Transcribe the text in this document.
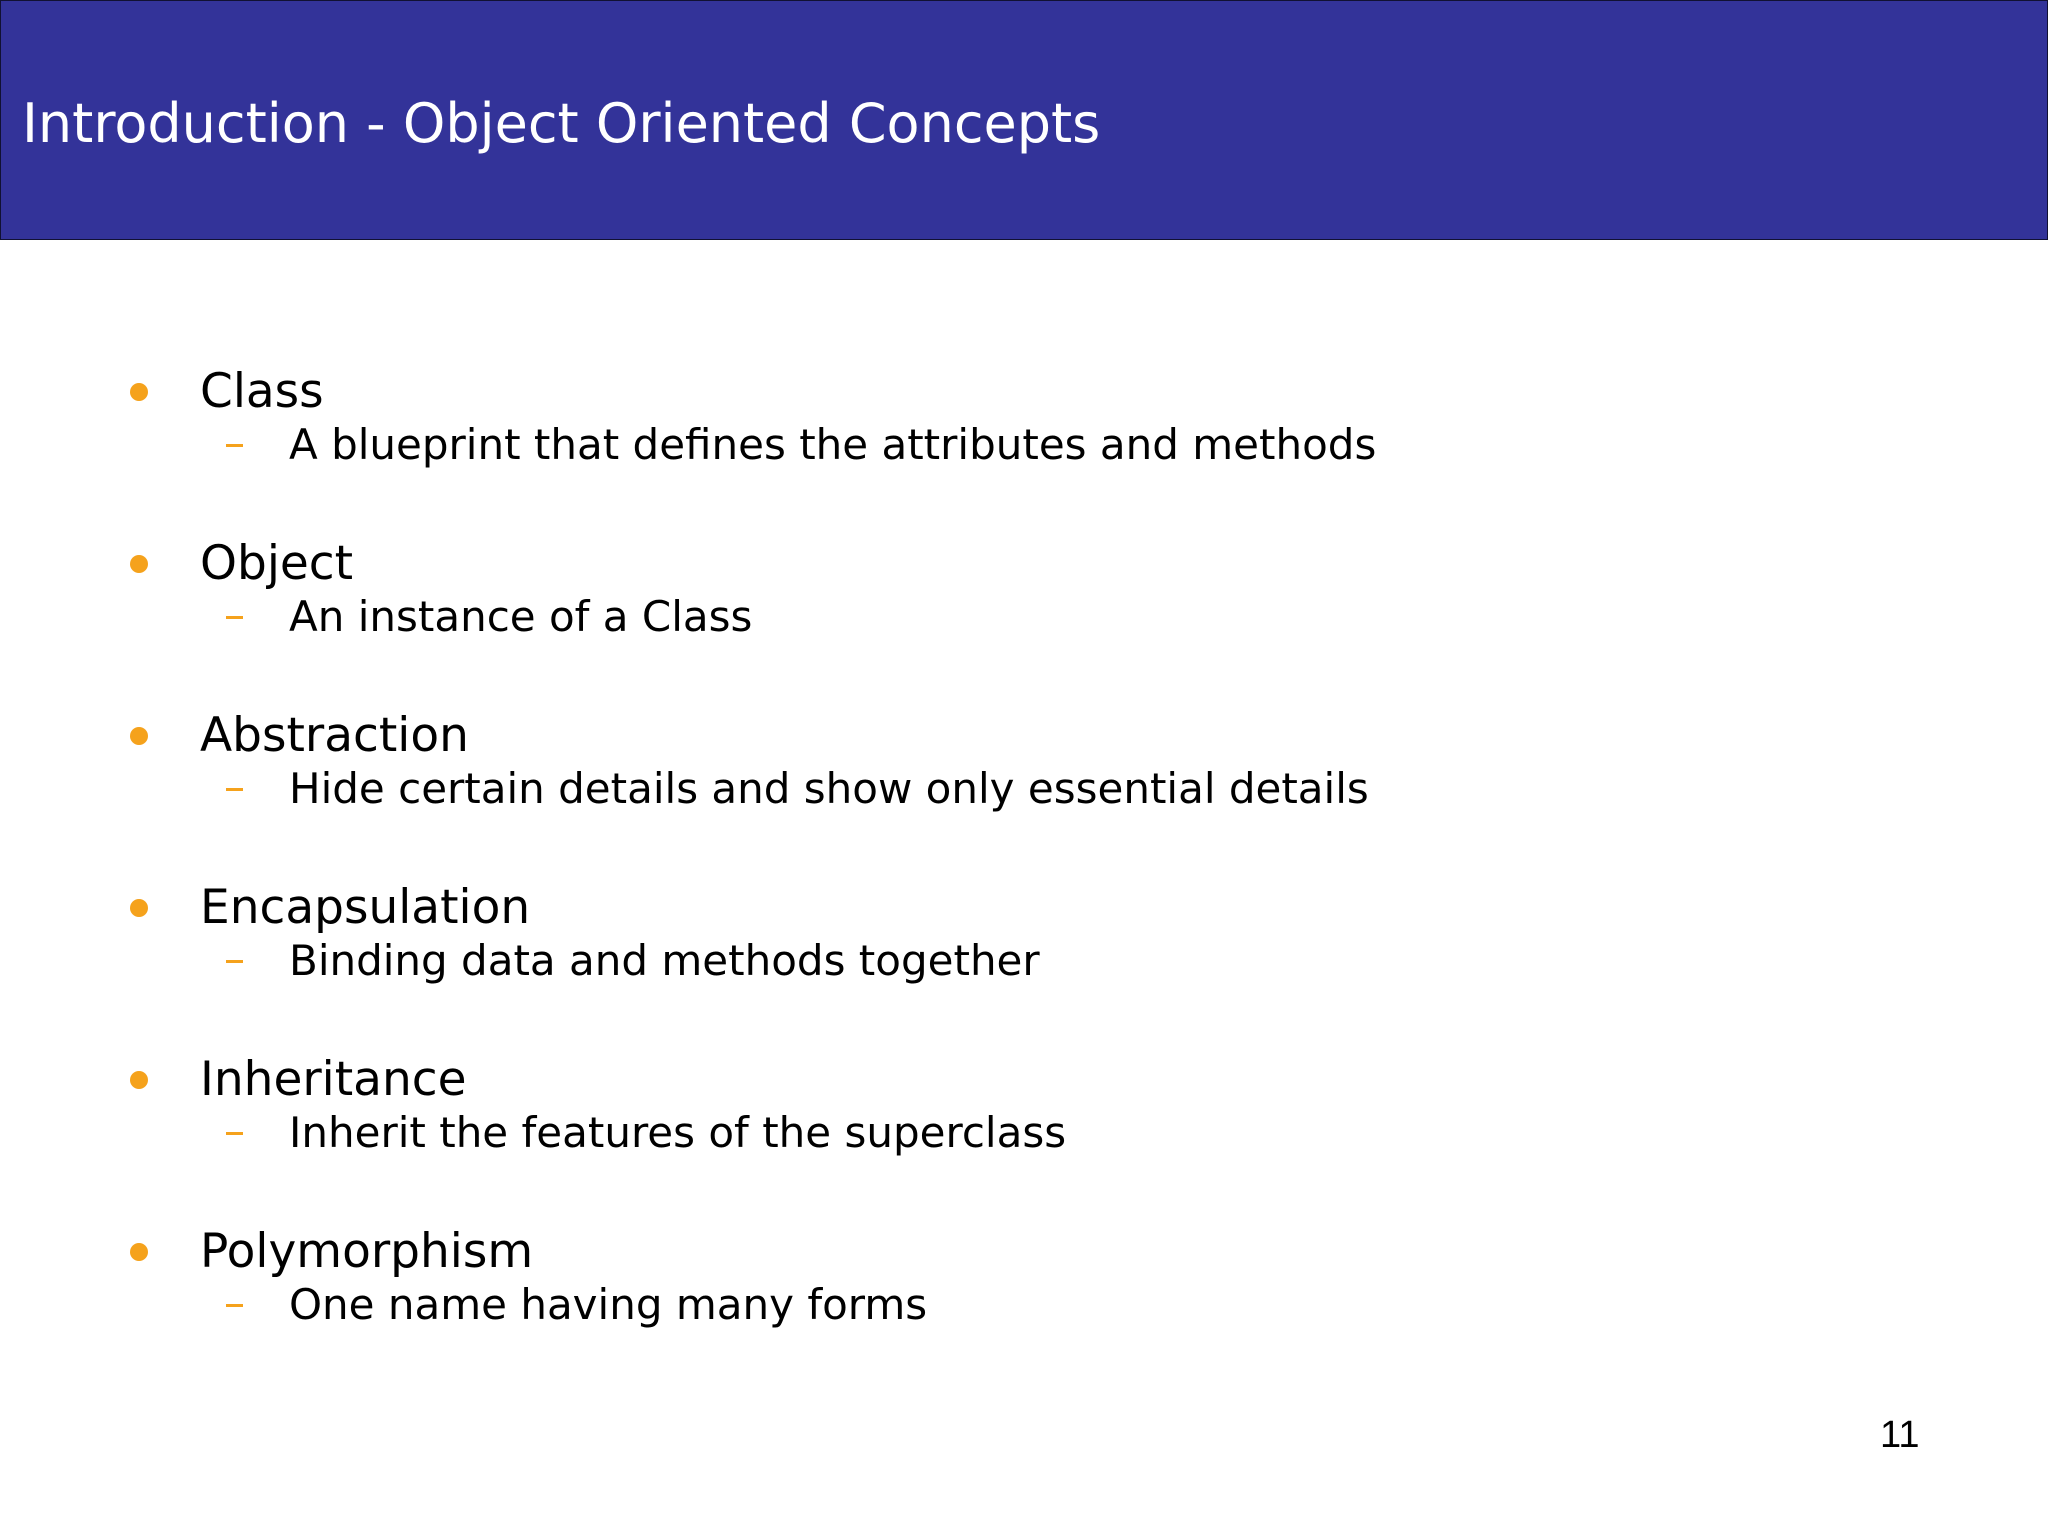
Introduction - Object Oriented Concepts
Class
A blueprint that defines the attributes and methods
Object
An instance of a Class
Abstraction
Hide certain details and show only essential details
Encapsulation
Binding data and methods together
Inheritance
Inherit the features of the superclass
Polymorphism
One name having many forms
11
